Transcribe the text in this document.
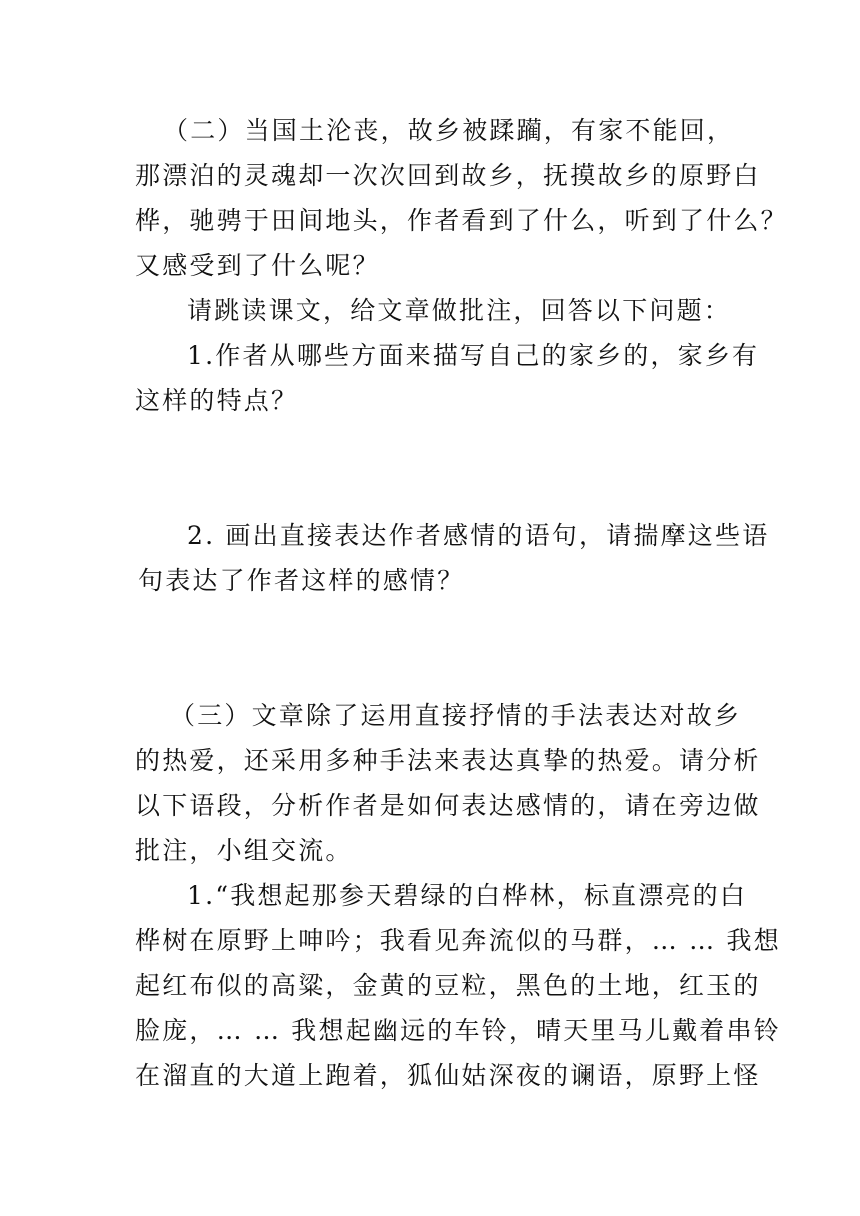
（二）当国土沦丧，故乡被蹂躏，有家不能回，
那漂泊的灵魂却一次次回到故乡，抚摸故乡的原野白
桦，驰骋于田间地头，作者看到了什么，听到了什么？
又感受到了什么呢？
请跳读课文，给文章做批注，回答以下问题：
1.作者从哪些方面来描写自己的家乡的，家乡有
这样的特点？
2. 画出直接表达作者感情的语句，请揣摩这些语
句表达了作者这样的感情？
（三）文章除了运用直接抒情的手法表达对故乡
的热爱，还采用多种手法来表达真挚的热爱。请分析
以下语段，分析作者是如何表达感情的，请在旁边做
批注，小组交流。
1.“我想起那参天碧绿的白桦林，标直漂亮的白
桦树在原野上呻吟；我看见奔流似的马群，… … 我想
起红布似的高粱，金黄的豆粒，黑色的土地，红玉的
脸庞，… … 我想起幽远的车铃，晴天里马儿戴着串铃
在溜直的大道上跑着，狐仙姑深夜的谰语，原野上怪
